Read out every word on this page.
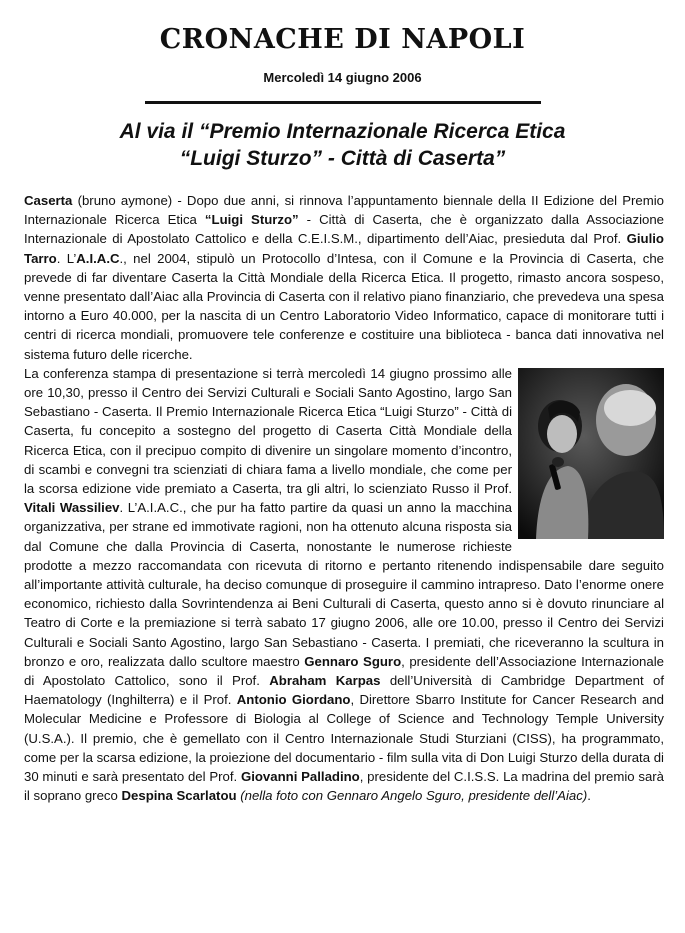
CRONACHE DI NAPOLI
Mercoledì 14 giugno 2006
Al via il “Premio Internazionale Ricerca Etica
“Luigi Sturzo” - Città di Caserta”
Caserta (bruno aymone) - Dopo due anni, si rinnova l’appuntamento biennale della II Edizione del Premio Internazionale Ricerca Etica “Luigi Sturzo” - Città di Caserta, che è organizzato dalla Associazione Internazionale di Apostolato Cattolico e della C.E.I.S.M., dipartimento dell’Aiac, presieduta dal Prof. Giulio Tarro. L’A.I.A.C., nel 2004, stipulò un Protocollo d’Intesa, con il Comune e la Provincia di Caserta, che prevede di far diventare Caserta la Città Mondiale della Ricerca Etica. Il progetto, rimasto ancora sospeso, venne presentato dall’Aiac alla Provincia di Caserta con il relativo piano finanziario, che prevedeva una spesa intorno a Euro 40.000, per la nascita di un Centro Laboratorio Video Informatico, capace di monitorare tutti i centri di ricerca mondiali, promuovere tele conferenze e costituire una biblioteca - banca dati innovativa nel sistema futuro delle ricerche.
La conferenza stampa di presentazione si terrà mercoledì 14 giugno prossimo alle ore 10,30, presso il Centro dei Servizi Culturali e Sociali Santo Agostino, largo San Sebastiano - Caserta. Il Premio Internazionale Ricerca Etica “Luigi Sturzo” - Città di Caserta, fu concepito a sostegno del progetto di Caserta Città Mondiale della Ricerca Etica, con il precipuo compito di divenire un singolare momento d’incontro, di scambi e convegni tra scienziati di chiara fama a livello mondiale, che come per la scorsa edizione vide premiato a Caserta, tra gli altri, lo scienziato Russo il Prof. Vitali Wassiliev. L’A.I.A.C., che pur ha fatto partire da quasi un anno la macchina organizzativa, per strane ed immotivate ragioni, non ha ottenuto alcuna risposta sia dal Comune che dalla Provincia di Caserta, nonostante le numerose richieste prodotte a mezzo raccomandata con ricevuta di ritorno e pertanto ritenendo indispensabile dare seguito all’importante attività culturale, ha deciso comunque di proseguire il cammino intrapreso. Dato l’enorme onere economico, richiesto dalla Sovrintendenza ai Beni Culturali di Caserta, questo anno si è dovuto rinunciare al Teatro di Corte e la premiazione si terrà sabato 17 giugno 2006, alle ore 10.00, presso il Centro dei Servizi Culturali e Sociali Santo Agostino, largo San Sebastiano - Caserta. I premiati, che riceveranno la scultura in bronzo e oro, realizzata dallo scultore maestro Gennaro Sguro, presidente dell’Associazione Internazionale di Apostolato Cattolico, sono il Prof. Abraham Karpas dell’Università di Cambridge Department of Haematology (Inghilterra) e il Prof. Antonio Giordano, Direttore Sbarro Institute for Cancer Research and Molecular Medicine e Professore di Biologia al College of Science and Technology Temple University (U.S.A.). Il premio, che è gemellato con il Centro Internazionale Studi Sturziani (CISS), ha programmato, come per la scarsa edizione, la proiezione del documentario - film sulla vita di Don Luigi Sturzo della durata di 30 minuti e sarà presentato del Prof. Giovanni Palladino, presidente del C.I.S.S. La madrina del premio sarà il soprano greco Despina Scarlatou (nella foto con Gennaro Angelo Sguro, presidente dell’Aiac).
